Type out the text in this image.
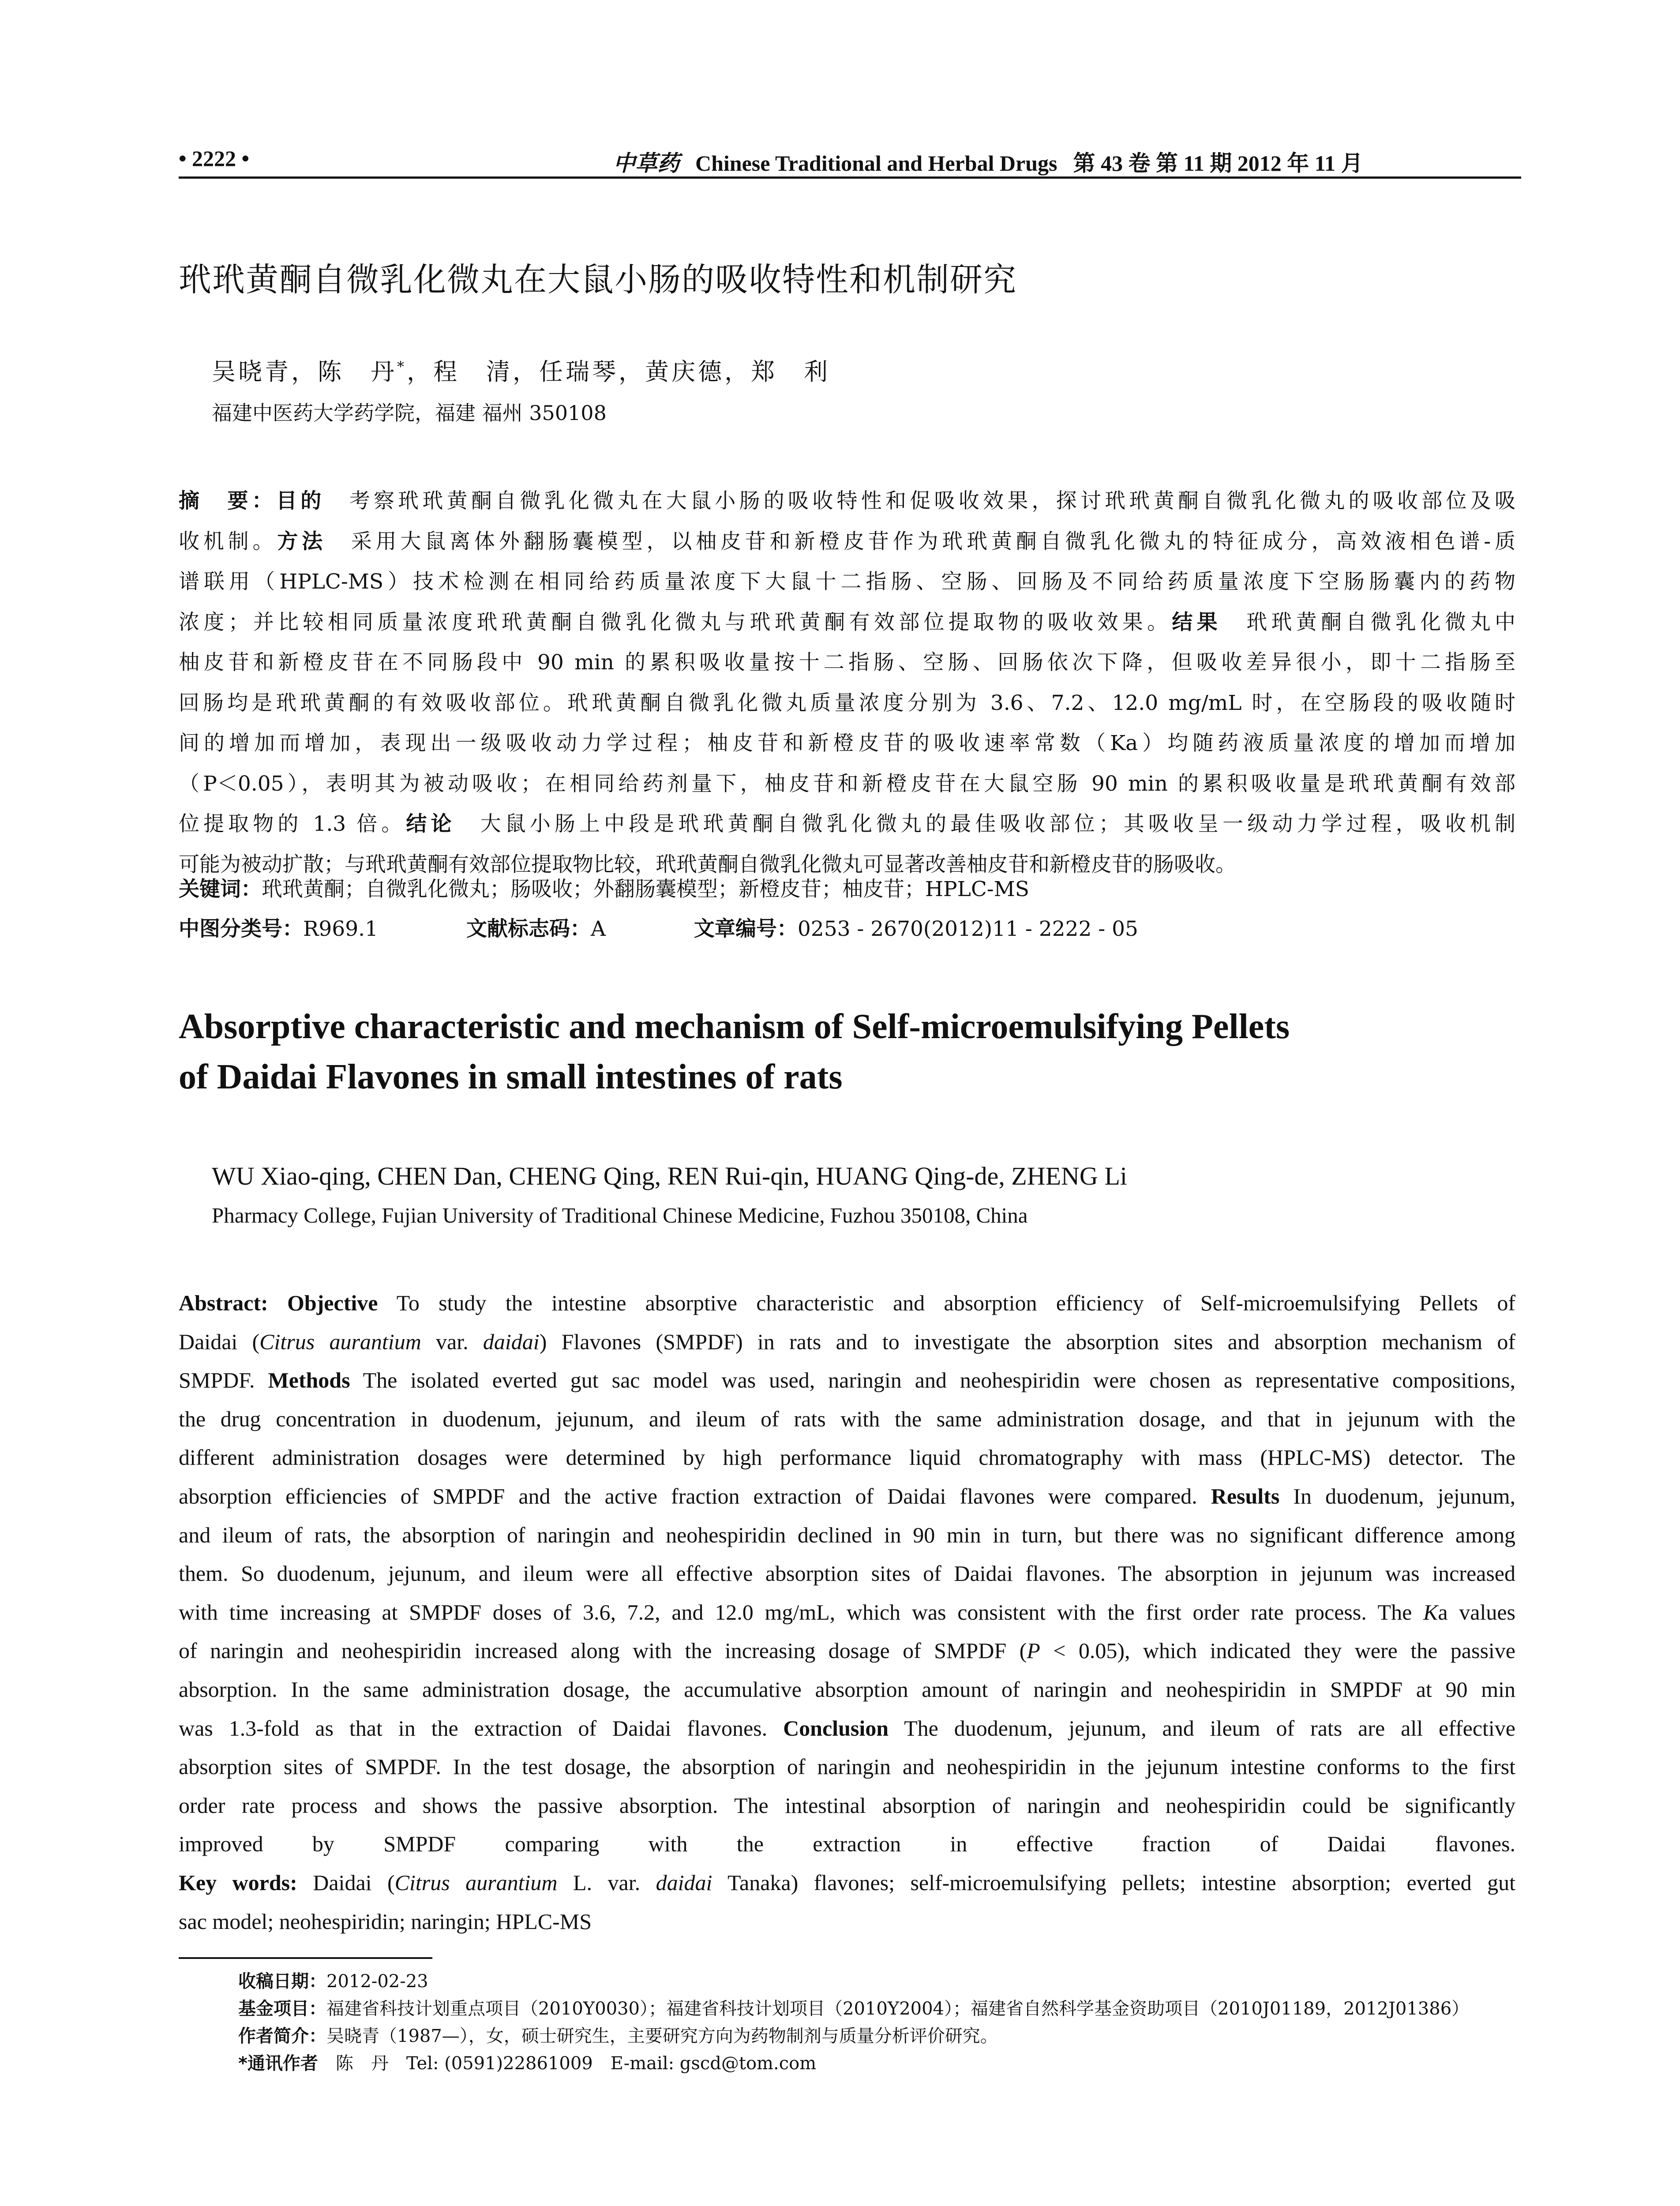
• 2222 •	中草药 Chinese Traditional and Herbal Drugs 第 43 卷 第 11 期 2012 年 11 月
玳玳黄酮自微乳化微丸在大鼠小肠的吸收特性和机制研究
吴晓青，陈　丹*，程　清，任瑞琴，黄庆德，郑　利
福建中医药大学药学院，福建 福州 350108
摘　要：目的　考察玳玳黄酮自微乳化微丸在大鼠小肠的吸收特性和促吸收效果，探讨玳玳黄酮自微乳化微丸的吸收部位及吸
收机制。方法　采用大鼠离体外翻肠囊模型，以柚皮苷和新橙皮苷作为玳玳黄酮自微乳化微丸的特征成分，高效液相色谱-质
谱联用（HPLC-MS）技术检测在相同给药质量浓度下大鼠十二指肠、空肠、回肠及不同给药质量浓度下空肠肠囊内的药物
浓度；并比较相同质量浓度玳玳黄酮自微乳化微丸与玳玳黄酮有效部位提取物的吸收效果。结果　玳玳黄酮自微乳化微丸中
柚皮苷和新橙皮苷在不同肠段中 90 min 的累积吸收量按十二指肠、空肠、回肠依次下降，但吸收差异很小，即十二指肠至
回肠均是玳玳黄酮的有效吸收部位。玳玳黄酮自微乳化微丸质量浓度分别为 3.6、7.2、12.0 mg/mL 时，在空肠段的吸收随时
间的增加而增加，表现出一级吸收动力学过程；柚皮苷和新橙皮苷的吸收速率常数（Ka）均随药液质量浓度的增加而增加
（P＜0.05），表明其为被动吸收；在相同给药剂量下，柚皮苷和新橙皮苷在大鼠空肠 90 min 的累积吸收量是玳玳黄酮有效部
位提取物的 1.3 倍。结论　大鼠小肠上中段是玳玳黄酮自微乳化微丸的最佳吸收部位；其吸收呈一级动力学过程，吸收机制
可能为被动扩散；与玳玳黄酮有效部位提取物比较，玳玳黄酮自微乳化微丸可显著改善柚皮苷和新橙皮苷的肠吸收。
关键词：玳玳黄酮；自微乳化微丸；肠吸收；外翻肠囊模型；新橙皮苷；柚皮苷；HPLC-MS
中图分类号：R969.1	文献标志码：A	文章编号：0253 - 2670(2012)11 - 2222 - 05
Absorptive characteristic and mechanism of Self-microemulsifying Pellets
of Daidai Flavones in small intestines of rats
WU Xiao-qing, CHEN Dan, CHENG Qing, REN Rui-qin, HUANG Qing-de, ZHENG Li
Pharmacy College, Fujian University of Traditional Chinese Medicine, Fuzhou 350108, China
Abstract: Objective To study the intestine absorptive characteristic and absorption efficiency of Self-microemulsifying Pellets of
Daidai (Citrus aurantium var. daidai) Flavones (SMPDF) in rats and to investigate the absorption sites and absorption mechanism of
SMPDF. Methods The isolated everted gut sac model was used, naringin and neohespiridin were chosen as representative compositions,
the drug concentration in duodenum, jejunum, and ileum of rats with the same administration dosage, and that in jejunum with the
different administration dosages were determined by high performance liquid chromatography with mass (HPLC-MS) detector. The
absorption efficiencies of SMPDF and the active fraction extraction of Daidai flavones were compared. Results In duodenum, jejunum,
and ileum of rats, the absorption of naringin and neohespiridin declined in 90 min in turn, but there was no significant difference among
them. So duodenum, jejunum, and ileum were all effective absorption sites of Daidai flavones. The absorption in jejunum was increased
with time increasing at SMPDF doses of 3.6, 7.2, and 12.0 mg/mL, which was consistent with the first order rate process. The Ka values
of naringin and neohespiridin increased along with the increasing dosage of SMPDF (P < 0.05), which indicated they were the passive
absorption. In the same administration dosage, the accumulative absorption amount of naringin and neohespiridin in SMPDF at 90 min
was 1.3-fold as that in the extraction of Daidai flavones. Conclusion The duodenum, jejunum, and ileum of rats are all effective
absorption sites of SMPDF. In the test dosage, the absorption of naringin and neohespiridin in the jejunum intestine conforms to the first
order rate process and shows the passive absorption. The intestinal absorption of naringin and neohespiridin could be significantly
improved by SMPDF comparing with the extraction in effective fraction of Daidai flavones.
Key words: Daidai (Citrus aurantium L. var. daidai Tanaka) flavones; self-microemulsifying pellets; intestine absorption; everted gut
sac model; neohespiridin; naringin; HPLC-MS
收稿日期：2012-02-23
基金项目：福建省科技计划重点项目（2010Y0030）；福建省科技计划项目（2010Y2004）；福建省自然科学基金资助项目（2010J01189，2012J01386）
作者简介：吴晓青（1987—），女，硕士研究生，主要研究方向为药物制剂与质量分析评价研究。
*通讯作者　陈　丹　Tel: (0591)22861009　E-mail: gscd@tom.com
